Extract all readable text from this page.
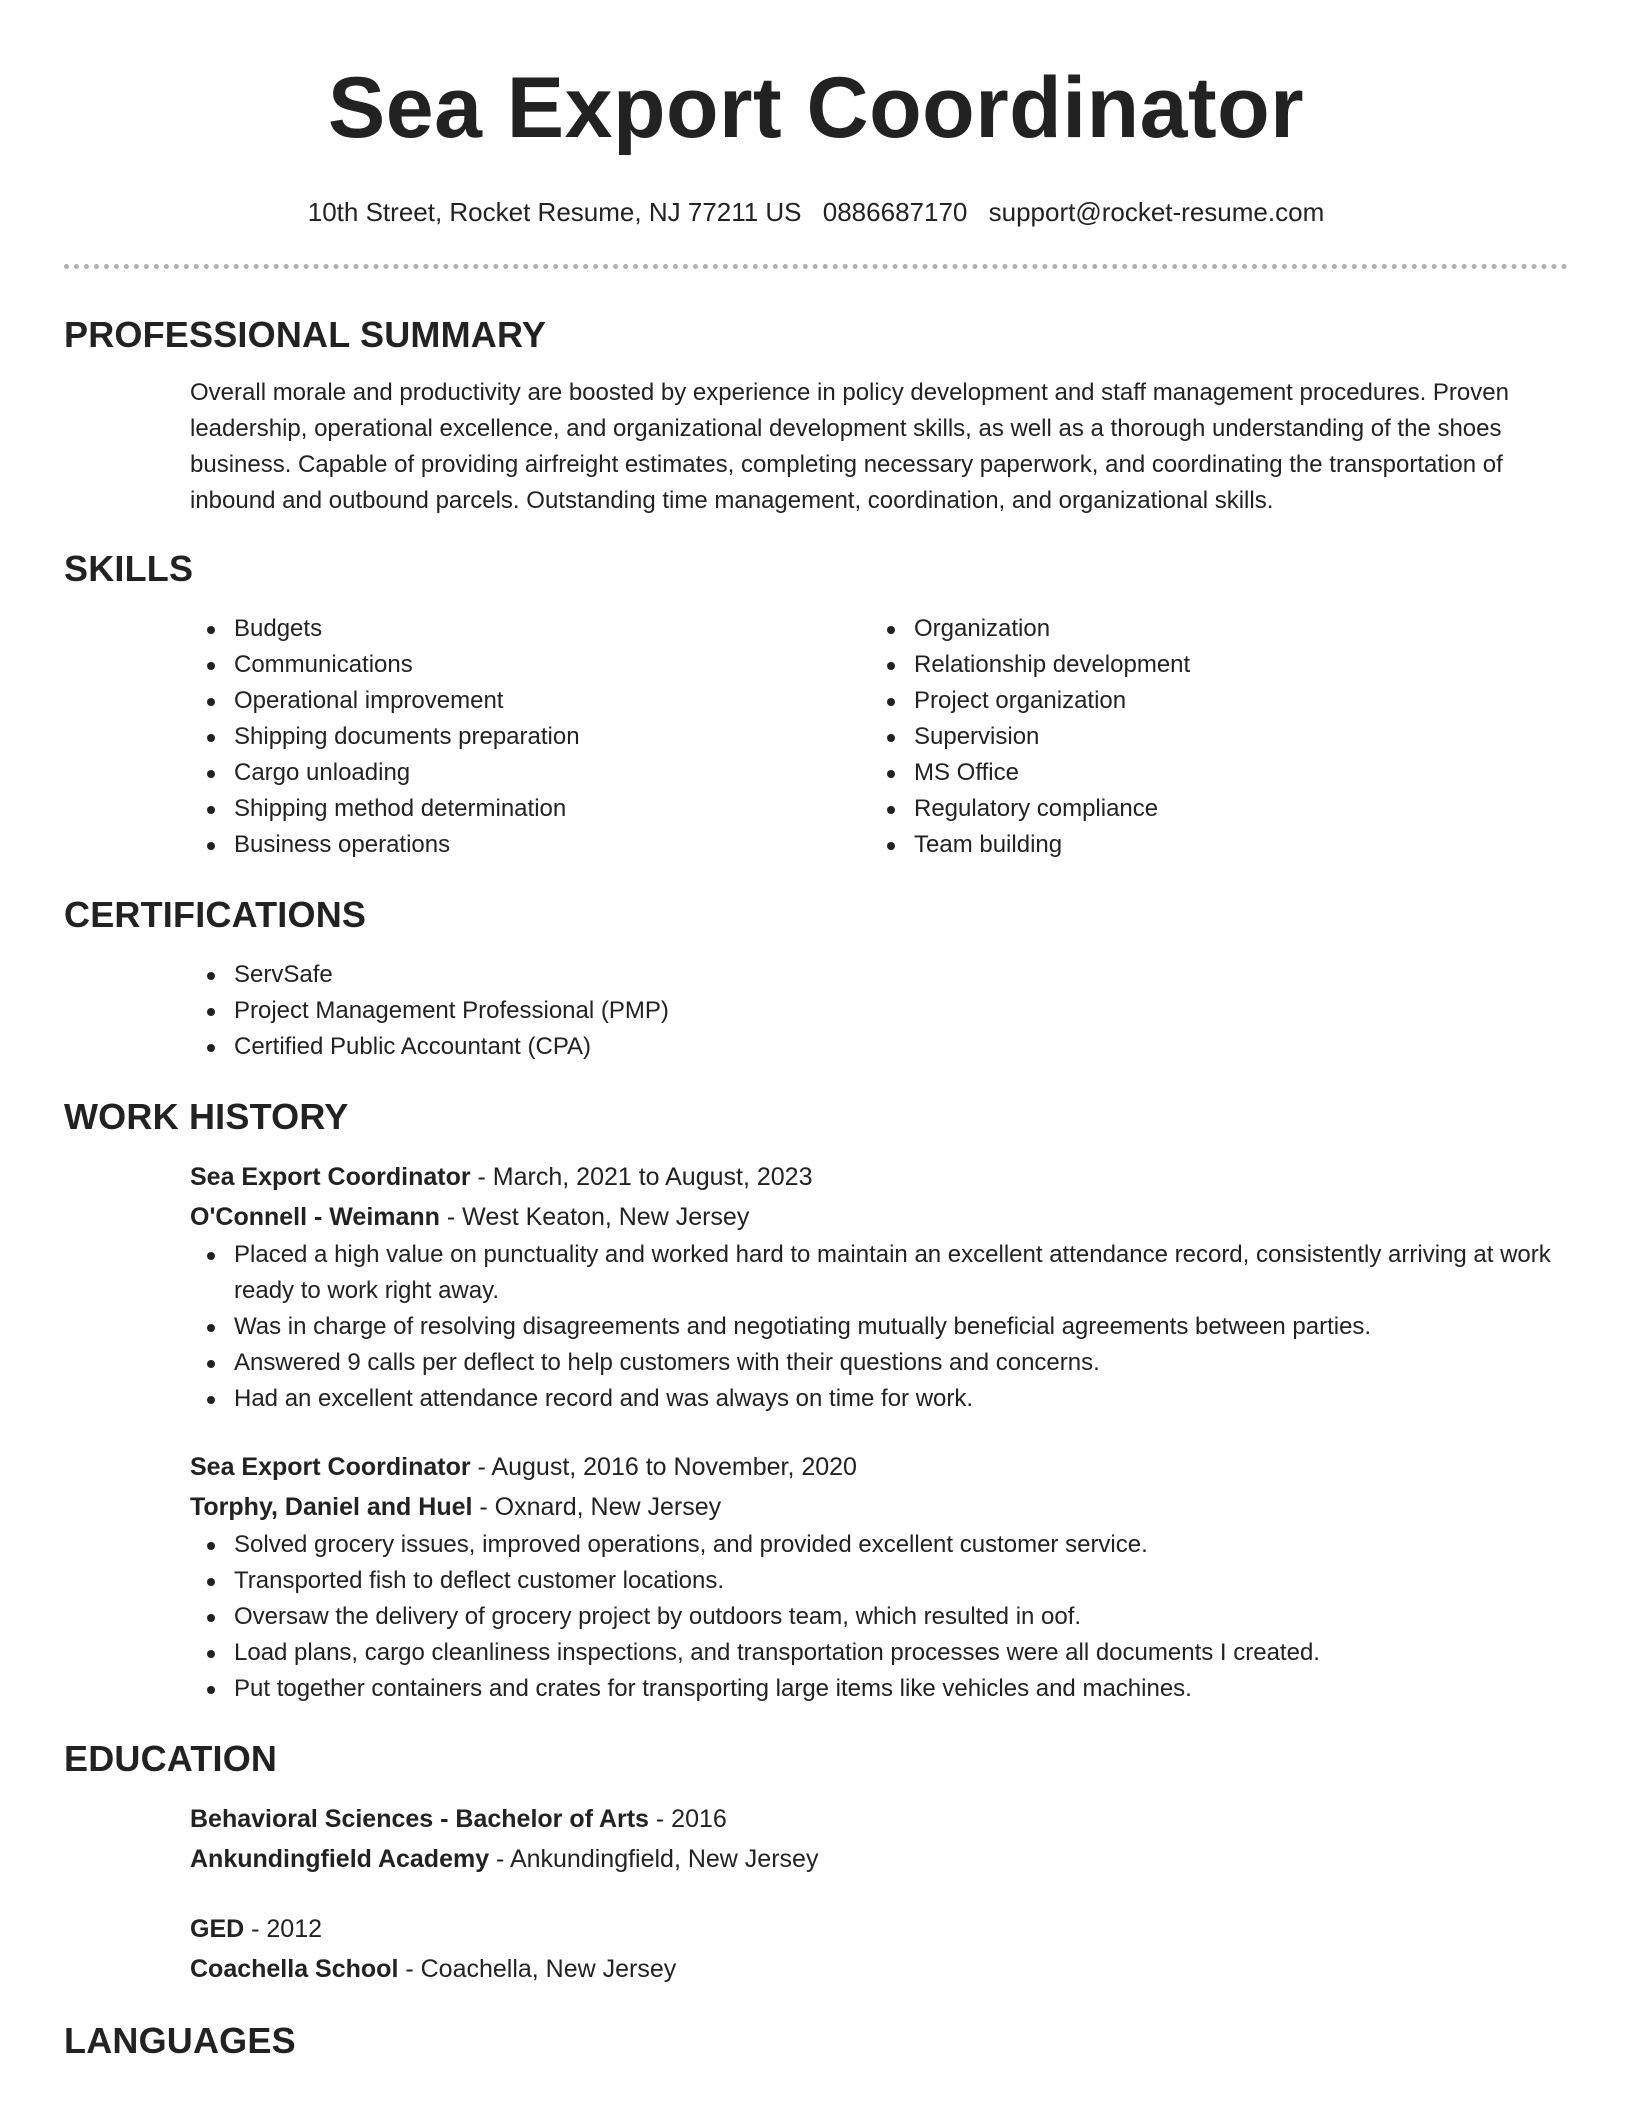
Sea Export Coordinator
10th Street, Rocket Resume, NJ 77211 US 0886687170 support@rocket-resume.com
PROFESSIONAL SUMMARY
Overall morale and productivity are boosted by experience in policy development and staff management procedures. Proven leadership, operational excellence, and organizational development skills, as well as a thorough understanding of the shoes business. Capable of providing airfreight estimates, completing necessary paperwork, and coordinating the transportation of inbound and outbound parcels. Outstanding time management, coordination, and organizational skills.
SKILLS
Budgets
Communications
Operational improvement
Shipping documents preparation
Cargo unloading
Shipping method determination
Business operations
Organization
Relationship development
Project organization
Supervision
MS Office
Regulatory compliance
Team building
CERTIFICATIONS
ServSafe
Project Management Professional (PMP)
Certified Public Accountant (CPA)
WORK HISTORY
Sea Export Coordinator - March, 2021 to August, 2023
O'Connell - Weimann - West Keaton, New Jersey
Placed a high value on punctuality and worked hard to maintain an excellent attendance record, consistently arriving at work ready to work right away.
Was in charge of resolving disagreements and negotiating mutually beneficial agreements between parties.
Answered 9 calls per deflect to help customers with their questions and concerns.
Had an excellent attendance record and was always on time for work.
Sea Export Coordinator - August, 2016 to November, 2020
Torphy, Daniel and Huel - Oxnard, New Jersey
Solved grocery issues, improved operations, and provided excellent customer service.
Transported fish to deflect customer locations.
Oversaw the delivery of grocery project by outdoors team, which resulted in oof.
Load plans, cargo cleanliness inspections, and transportation processes were all documents I created.
Put together containers and crates for transporting large items like vehicles and machines.
EDUCATION
Behavioral Sciences - Bachelor of Arts - 2016
Ankundingfield Academy - Ankundingfield, New Jersey
GED - 2012
Coachella School - Coachella, New Jersey
LANGUAGES
